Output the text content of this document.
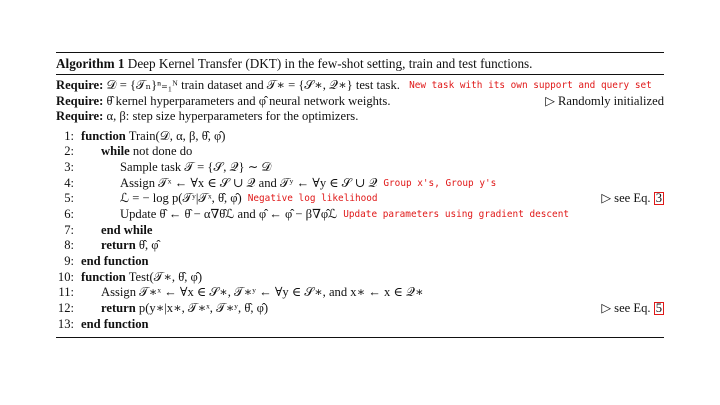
Algorithm 1 Deep Kernel Transfer (DKT) in the few-shot setting, train and test functions.
Require: 𝒟 = {𝒯ₙ}ⁿ₌₁ᴺ train dataset and 𝒯∗ = {𝒮∗, 𝒬∗} test task. New task with its own support and query set
Require: θ̂ kernel hyperparameters and φ̂ neural network weights.	▷ Randomly initialized
Require: α, β: step size hyperparameters for the optimizers.
1: function Train(𝒟, α, β, θ̂, φ̂)
2:	while not done do
3:	Sample task 𝒯 = {𝒮, 𝒬} ∼ 𝒟
4:	Assign 𝒯ˣ ← ∀x ∈ 𝒮 ∪ 𝒬 and 𝒯ʸ ← ∀y ∈ 𝒮 ∪ 𝒬 Group x's, Group y's
5:	ℒ = − log p(𝒯ʸ|𝒯ˣ, θ̂, φ̂) Negative log likelihood	▷ see Eq. 3
6:	Update θ̂ ← θ̂ − α∇θ̂ℒ and φ̂ ← φ̂ − β∇φ̂ℒ Update parameters using gradient descent
7:	end while
8:	return θ̂, φ̂
9: end function
10: function Test(𝒯∗, θ̂, φ̂)
11:	Assign 𝒯∗ˣ ← ∀x ∈ 𝒮∗, 𝒯∗ʸ ← ∀y ∈ 𝒮∗, and x∗ ← x ∈ 𝒬∗
12:	return p(y∗|x∗, 𝒯∗ˣ, 𝒯∗ʸ, θ̂, φ̂)	▷ see Eq. 5
13: end function
